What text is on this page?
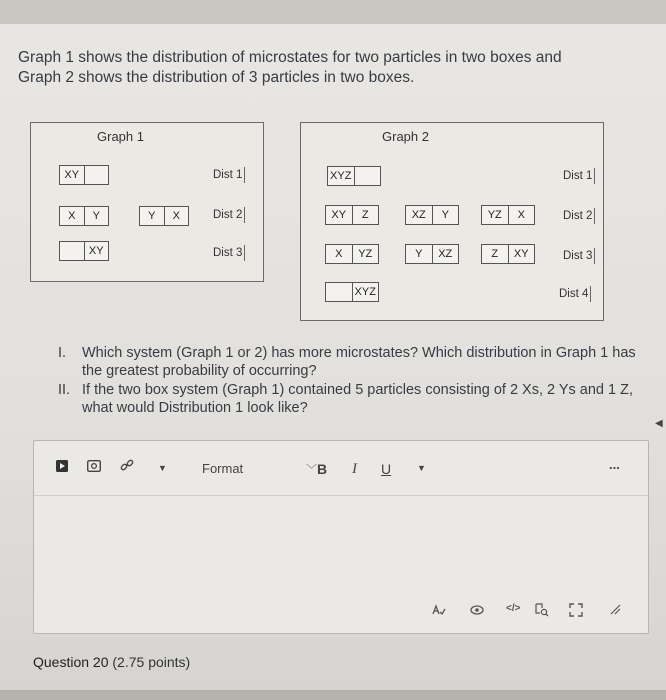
Graph 1 shows the distribution of microstates for two particles in two boxes and
Graph 2 shows the distribution of 3 particles in two boxes.
Graph 1
XY	Dist 1
X	Y	Y	X	Dist 2
XY	Dist 3
Graph 2
XYZ	Dist 1
XY	Z	XZ	Y	YZ	X	Dist 2
X	YZ	Y	XZ	Z	XY	Dist 3
XYZ	Dist 4
I.	Which system (Graph 1 or 2) has more microstates? Which distribution in Graph 1 has the greatest probability of occurring?
II. If the two box system (Graph 1) contained 5 particles consisting of 2 Xs, 2 Ys and 1 Z, what would Distribution 1 look like?
▼	Format	﹀ B I U	▼	...
</>
Question 20 (2.75 points)
◀
